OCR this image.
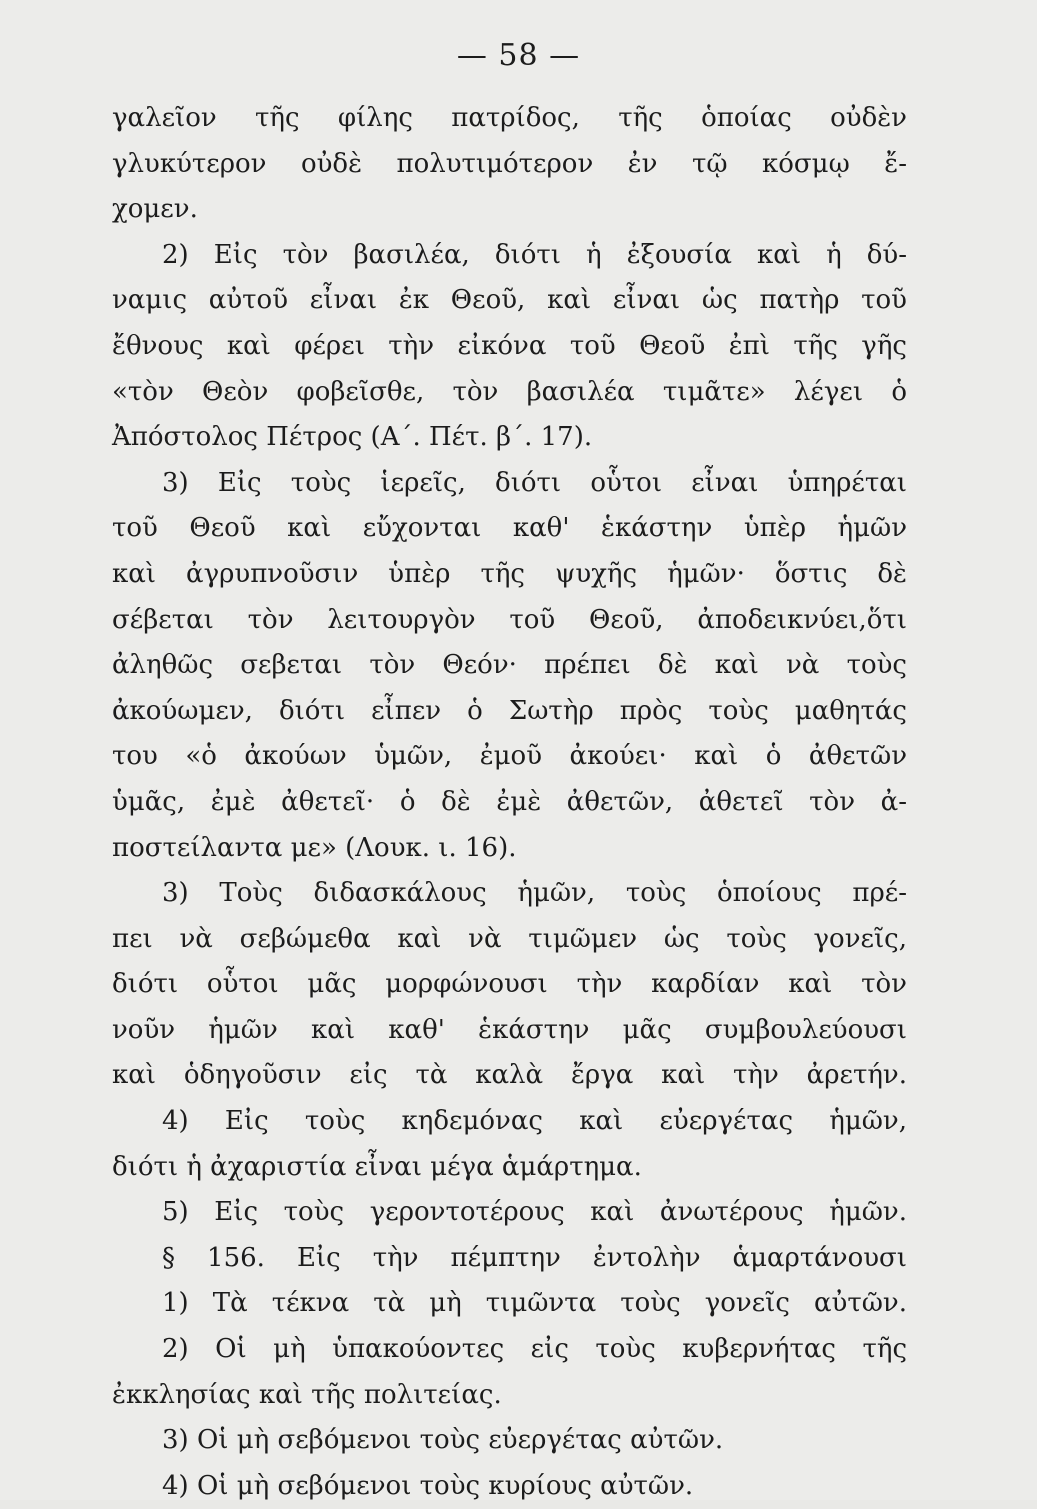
— 58 —
γαλεῖον τῆς φίλης πατρίδος, τῆς ὁποίας οὐδὲν
γλυκύτερον οὐδὲ πολυτιμότερον ἐν τῷ κόσμῳ ἔ-
χομεν.
2) Εἰς τὸν βασιλέα, διότι ἡ ἐξουσία καὶ ἡ δύ-
ναμις αὐτοῦ εἶναι ἐκ Θεοῦ, καὶ εἶναι ὡς πατὴρ τοῦ
ἔθνους καὶ φέρει τὴν εἰκόνα τοῦ Θεοῦ ἐπὶ τῆς γῆς
«τὸν Θεὸν φοβεῖσθε, τὸν βασιλέα τιμᾶτε» λέγει ὁ
Ἀπόστολος Πέτρος (Α΄. Πέτ. β΄. 17).
3) Εἰς τοὺς ἱερεῖς, διότι οὗτοι εἶναι ὑπηρέται
τοῦ Θεοῦ καὶ εὔχονται καθ' ἑκάστην ὑπὲρ ἡμῶν
καὶ ἀγρυπνοῦσιν ὑπὲρ τῆς ψυχῆς ἡμῶν· ὅστις δὲ
σέβεται τὸν λειτουργὸν τοῦ Θεοῦ, ἀποδεικνύει,ὅτι
ἀληθῶς σεβεται τὸν Θεόν· πρέπει δὲ καὶ νὰ τοὺς
ἀκούωμεν, διότι εἶπεν ὁ Σωτὴρ πρὸς τοὺς μαθητάς
του «ὁ ἀκούων ὑμῶν, ἐμοῦ ἀκούει· καὶ ὁ ἀθετῶν
ὑμᾶς, ἐμὲ ἀθετεῖ· ὁ δὲ ἐμὲ ἀθετῶν, ἀθετεῖ τὸν ἀ-
ποστείλαντα με» (Λουκ. ι. 16).
3) Τοὺς διδασκάλους ἡμῶν, τοὺς ὁποίους πρέ-
πει νὰ σεβώμεθα καὶ νὰ τιμῶμεν ὡς τοὺς γονεῖς,
διότι οὗτοι μᾶς μορφώνουσι τὴν καρδίαν καὶ τὸν
νοῦν ἡμῶν καὶ καθ' ἑκάστην μᾶς συμβουλεύουσι
καὶ ὁδηγοῦσιν εἰς τὰ καλὰ ἔργα καὶ τὴν ἀρετήν.
4) Εἰς τοὺς κηδεμόνας καὶ εὐεργέτας ἡμῶν,
διότι ἡ ἀχαριστία εἶναι μέγα ἁμάρτημα.
5) Εἰς τοὺς γεροντοτέρους καὶ ἀνωτέρους ἡμῶν.
§ 156. Εἰς τὴν πέμπτην ἐντολὴν ἁμαρτάνουσι
1) Τὰ τέκνα τὰ μὴ τιμῶντα τοὺς γονεῖς αὐτῶν.
2) Οἱ μὴ ὑπακούοντες εἰς τοὺς κυβερνήτας τῆς
ἐκκλησίας καὶ τῆς πολιτείας.
3) Οἱ μὴ σεβόμενοι τοὺς εὐεργέτας αὐτῶν.
4) Οἱ μὴ σεβόμενοι τοὺς κυρίους αὐτῶν.
